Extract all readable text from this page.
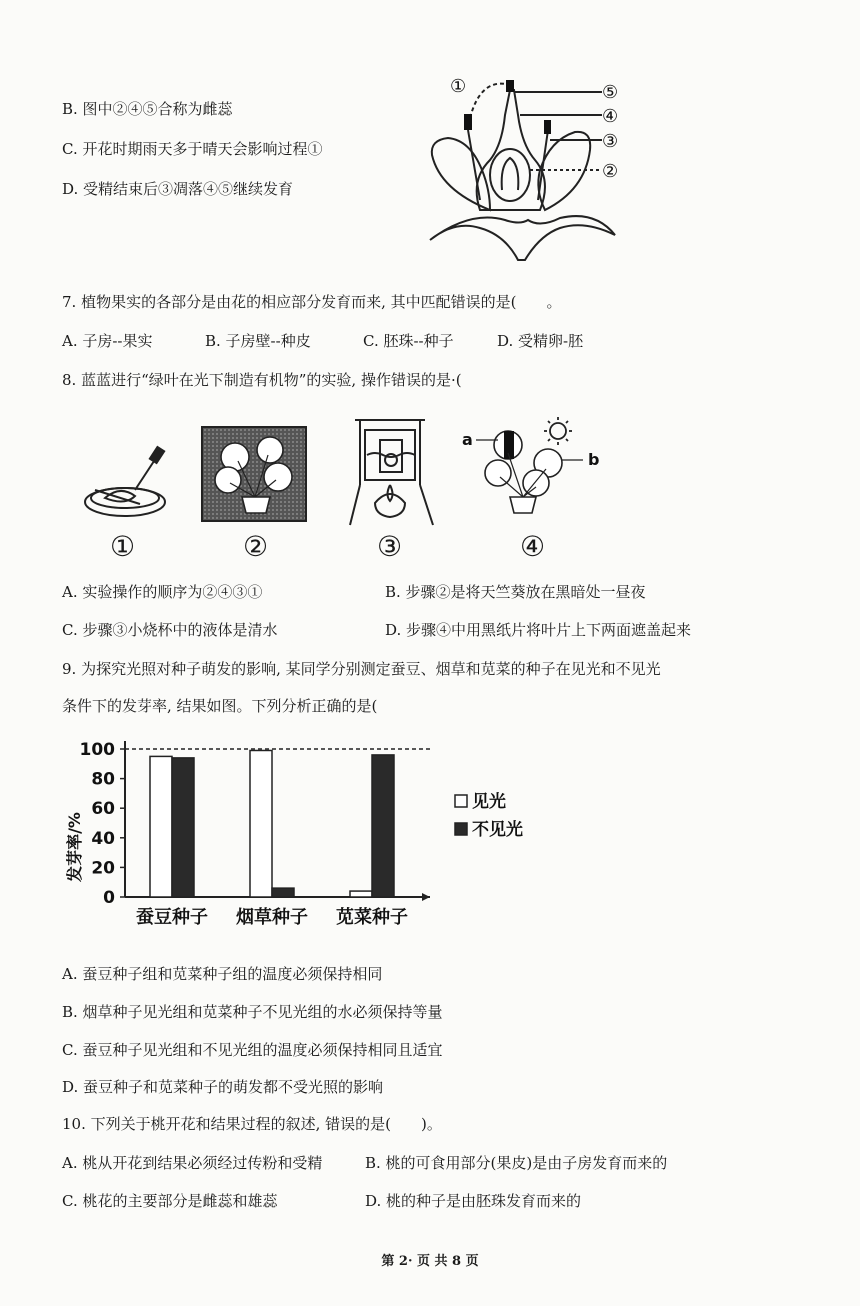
B. 图中②④⑤合称为雌蕊
C. 开花时期雨天多于晴天会影响过程①
D. 受精结束后③凋落④⑤继续发育
①	⑤
④
③
②
7. 植物果实的各部分是由花的相应部分发育而来, 其中匹配错误的是(　　。
A. 子房--果实	B. 子房壁--种皮	C. 胚珠--种子	D. 受精卵-胚
8. 蓝蓝进行“绿叶在光下制造有机物”的实验, 操作错误的是·(
a
b
①	②	③	④
A. 实验操作的顺序为②④③①	B. 步骤②是将天竺葵放在黑暗处一昼夜
C. 步骤③小烧杯中的液体是清水	D. 步骤④中用黑纸片将叶片上下两面遮盖起来
9. 为探究光照对种子萌发的影响, 某同学分别测定蚕豆、烟草和苋菜的种子在见光和不见光
条件下的发芽率, 结果如图。下列分析正确的是(
0
20
40
60
80
100
发芽率/%
蚕豆种子 烟草种子 苋菜种子
见光
不见光
A. 蚕豆种子组和苋菜种子组的温度必须保持相同
B. 烟草种子见光组和苋菜种子不见光组的水必须保持等量
C. 蚕豆种子见光组和不见光组的温度必须保持相同且适宜
D. 蚕豆种子和苋菜种子的萌发都不受光照的影响
10. 下列关于桃开花和结果过程的叙述, 错误的是(　　)。
A. 桃从开花到结果必须经过传粉和受精	B. 桃的可食用部分(果皮)是由子房发育而来的
C. 桃花的主要部分是雌蕊和雄蕊	D. 桃的种子是由胚珠发育而来的
第 2· 页 共 8 页
